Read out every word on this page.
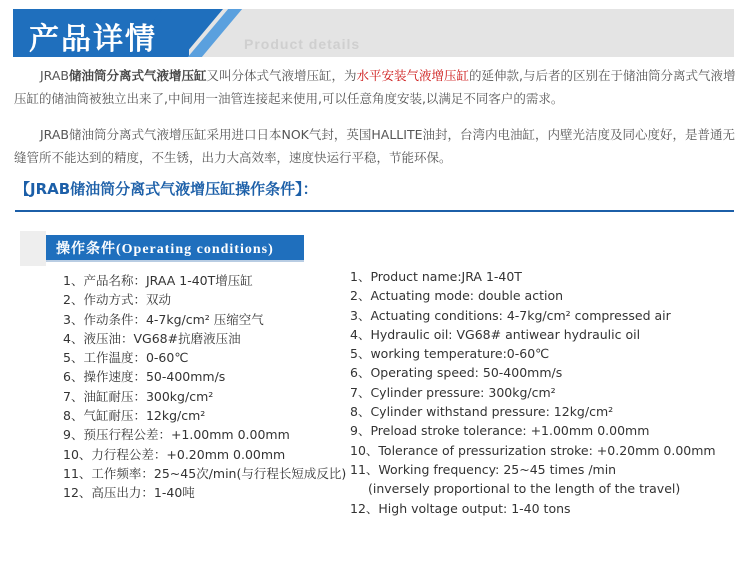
产品详情	Product details
JRAB储油筒分离式气液增压缸又叫分体式气液增压缸，为水平安装气液增压缸的延伸款,与后者的区别在于储油筒分离式气液增
压缸的储油筒被独立出来了,中间用一油管连接起来使用,可以任意角度安装,以满足不同客户的需求。
JRAB储油筒分离式气液增压缸采用进口日本NOK气封，英国HALLITE油封，台湾内电油缸，内壁光洁度及同心度好，是普通无
缝管所不能达到的精度，不生锈，出力大高效率，速度快运行平稳，节能环保。
【JRAB储油筒分离式气液增压缸操作条件】：
操作条件(Operating conditions)
1、产品名称：JRAA 1-40T增压缸
2、作动方式：双动
3、作动条件：4-7kg/cm² 压缩空气
4、液压油：VG68#抗磨液压油
5、工作温度：0-60℃
6、操作速度：50-400mm/s
7、油缸耐压：300kg/cm²
8、气缸耐压：12kg/cm²
9、预压行程公差：+1.00mm 0.00mm
10、力行程公差：+0.20mm 0.00mm
11、工作频率：25~45次/min(与行程长短成反比)
12、高压出力：1-40吨
1、Product name:JRA 1-40T
2、Actuating mode: double action
3、Actuating conditions: 4-7kg/cm² compressed air
4、Hydraulic oil: VG68# antiwear hydraulic oil
5、working temperature:0-60℃
6、Operating speed: 50-400mm/s
7、Cylinder pressure: 300kg/cm²
8、Cylinder withstand pressure: 12kg/cm²
9、Preload stroke tolerance: +1.00mm 0.00mm
10、Tolerance of pressurization stroke: +0.20mm 0.00mm
11、Working frequency: 25~45 times /min
(inversely proportional to the length of the travel)
12、High voltage output: 1-40 tons
